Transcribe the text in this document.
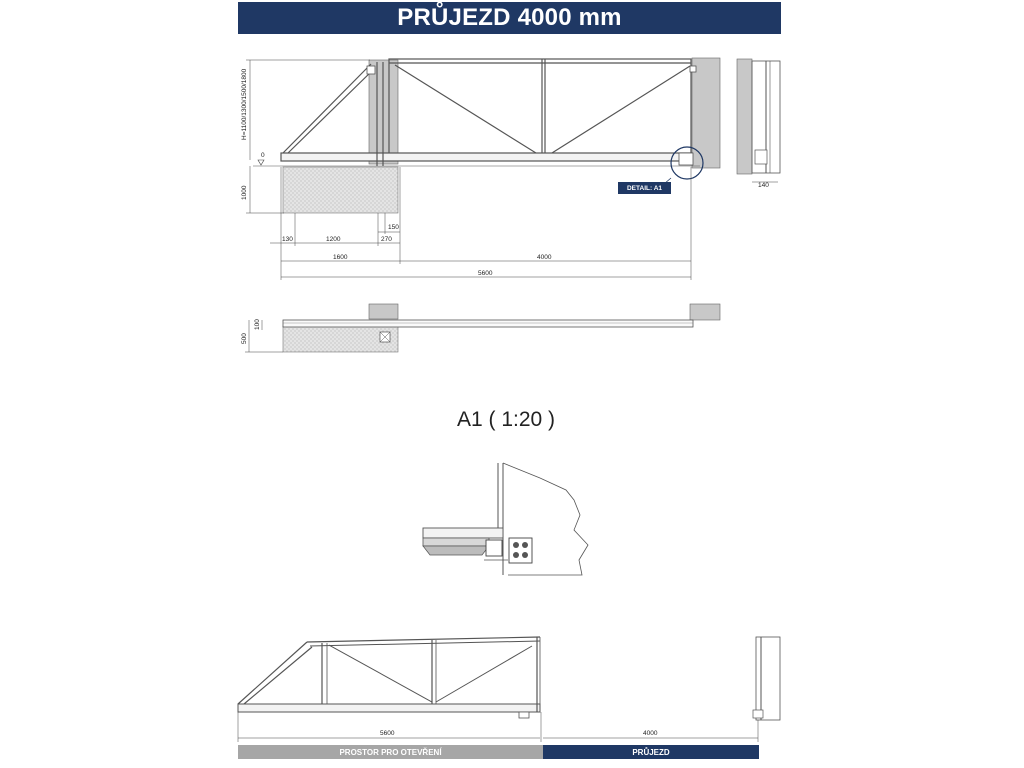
PRŮJEZD 4000 mm
H=1100/1300/1500/1800
1000
0
130	1200
150
270
1600	4000
5600
140
500
100
5600	4000
DETAIL: A1
A1 ( 1:20 )
PROSTOR PRO OTEVŘENÍ	PRŮJEZD
